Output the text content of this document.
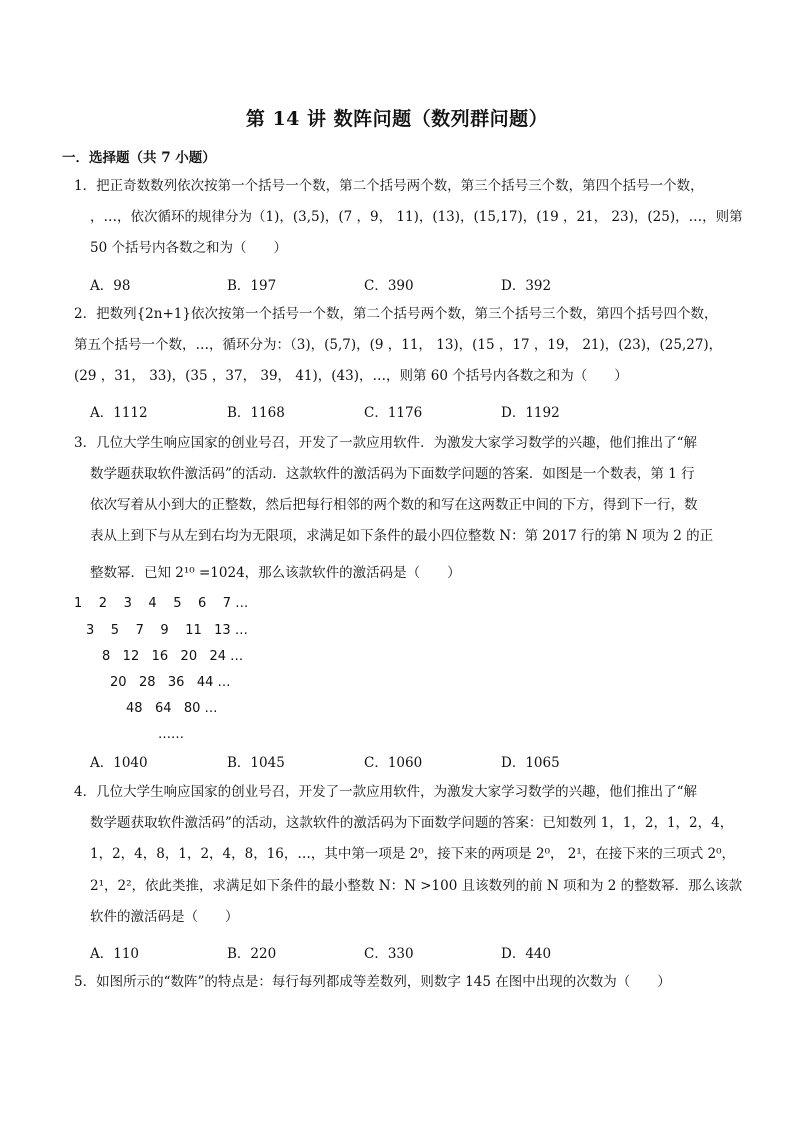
第 14 讲 数阵问题（数列群问题）
一．选择题（共 7 小题）
1．把正奇数数列依次按第一个括号一个数，第二个括号两个数，第三个括号三个数，第四个括号一个数，
，…，依次循环的规律分为（1)，(3,5)，(7 ，9， 11)，(13)，(15,17)，(19 ，21， 23)，(25)，…，则第
50 个括号内各数之和为（　　）
A．98	B．197	C．390	D．392
2．把数列{2n+1}依次按第一个括号一个数，第二个括号两个数，第三个括号三个数，第四个括号四个数，
第五个括号一个数，…，循环分为：（3)，(5,7)，(9 ，11， 13)，(15 ，17 ，19， 21)，(23)，(25,27)，
(29 ，31， 33)，(35 ，37， 39， 41)，(43)，…，则第 60 个括号内各数之和为（　　）
A．1112	B．1168	C．1176	D．1192
3．几位大学生响应国家的创业号召，开发了一款应用软件．为激发大家学习数学的兴趣，他们推出了“解
数学题获取软件激活码”的活动．这款软件的激活码为下面数学问题的答案．如图是一个数表，第 1 行
依次写着从小到大的正整数，然后把每行相邻的两个数的和写在这两数正中间的下方，得到下一行，数
表从上到下与从左到右均为无限项，求满足如下条件的最小四位整数 N：第 2017 行的第 N 项为 2 的正
整数幂．已知 2¹⁰ =1024，那么该款软件的激活码是（　　）
1    2    3    4    5    6    7 …
3    5    7    9    11   13 …
8   12   16   20   24 …
20   28   36   44 …
48   64   80 …
……
A．1040	B．1045	C．1060	D．1065
4．几位大学生响应国家的创业号召，开发了一款应用软件，为激发大家学习数学的兴趣，他们推出了“解
数学题获取软件激活码”的活动，这款软件的激活码为下面数学问题的答案：已知数列 1，1，2，1，2，4，
1，2，4，8，1，2，4，8，16，…，其中第一项是 2⁰，接下来的两项是 2⁰， 2¹，在接下来的三项式 2⁰，
2¹，2²，依此类推，求满足如下条件的最小整数 N：N >100 且该数列的前 N 项和为 2 的整数幂．那么该款
软件的激活码是（　　）
A．110	B．220	C．330	D．440
5．如图所示的“数阵”的特点是：每行每列都成等差数列，则数字 145 在图中出现的次数为（　　）
